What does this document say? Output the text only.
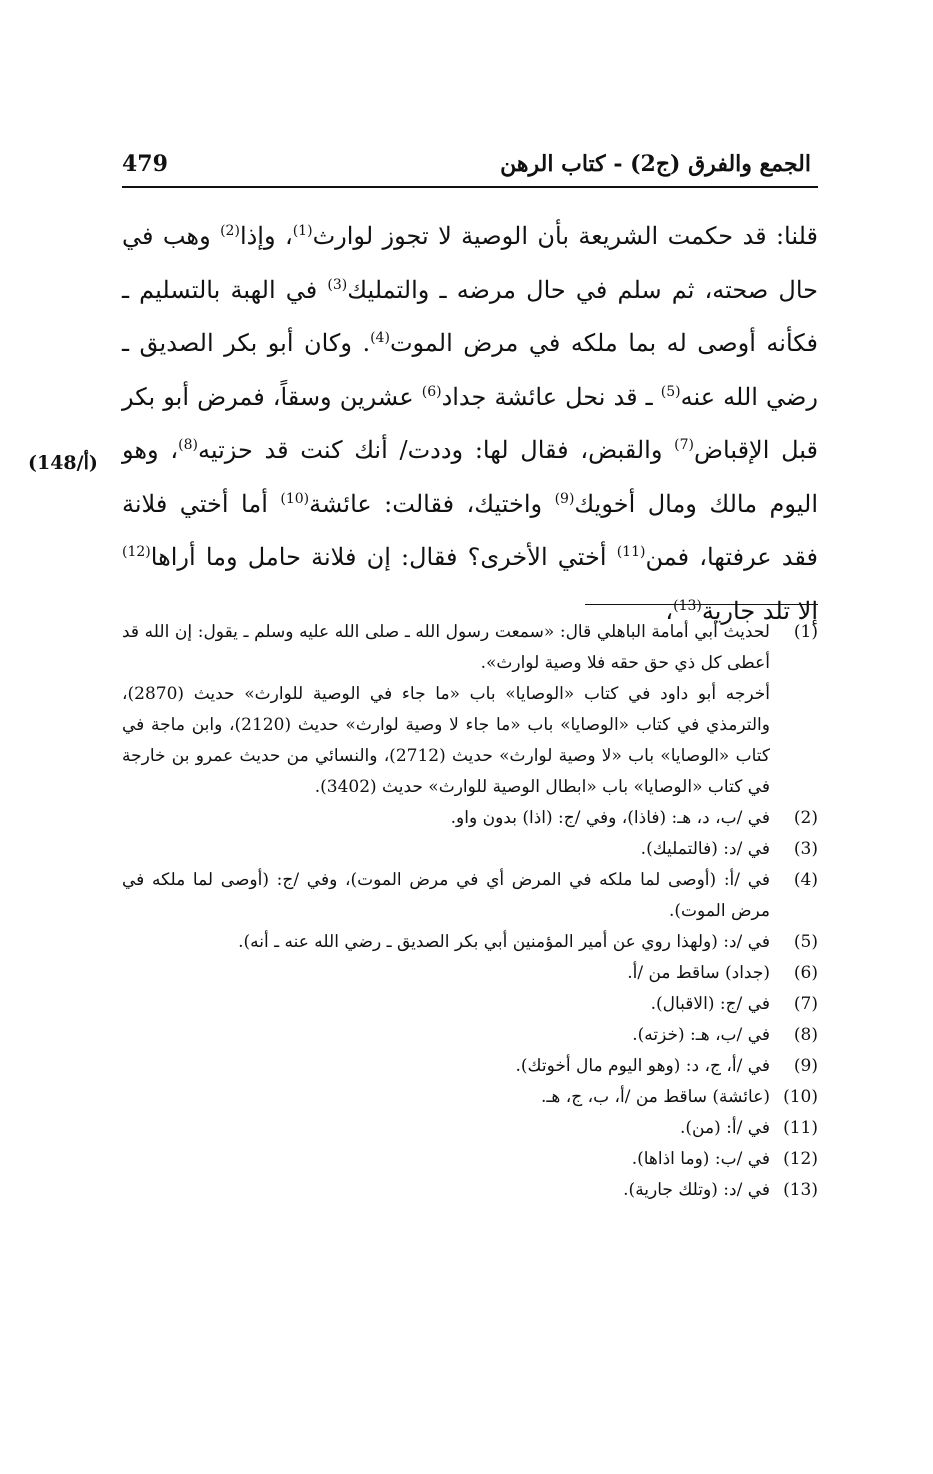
الجمع والفرق (ج2) - كتاب الرهن
479

قلنا: قد حكمت الشريعة بأن الوصية لا تجوز لوارث$^{(1)}$، وإذا$^{(2)}$ وهب في حال صحته، ثم سلم في حال مرضه ـ والتمليك$^{(3)}$ في الهبة بالتسليم ـ فكأنه أوصى له بما ملكه في مرض الموت$^{(4)}$. وكان أبو بكر الصديق ـ رضي الله عنه$^{(5)}$ ـ قد نحل عائشة جداد$^{(6)}$ عشرين وسقاً، فمرض أبو بكر قبل الإقباض$^{(7)}$ والقبض، فقال لها: وددت/ أنك كنت قد حزتيه$^{(8)}$، وهو اليوم مالك ومال أخويك$^{(9)}$ واختيك، فقالت: عائشة$^{(10)}$ أما أختي فلانة فقد عرفتها، فمن$^{(11)}$ أختي الأخرى؟ فقال: إن فلانة حامل وما أراها$^{(12)}$ إلا تلد جارية$^{(13)}$،

(148/أ)
(1)

لحديث أبي أمامة الباهلي قال: «سمعت رسول الله ـ صلى الله عليه وسلم ـ يقول: إن الله قد أعطى كل ذي حق حقه فلا وصية لوارث».

أخرجه أبو داود في كتاب «الوصايا» باب «ما جاء في الوصية للوارث» حديث (2870)، والترمذي في كتاب «الوصايا» باب «ما جاء لا وصية لوارث» حديث (2120)، وابن ماجة في كتاب «الوصايا» باب «لا وصية لوارث» حديث (2712)، والنسائي من حديث عمرو بن خارجة في كتاب «الوصايا» باب «ابطال الوصية للوارث» حديث (3402).

(2)

في /ب، د، هـ: (فاذا)، وفي /ج: (اذا) بدون واو.

(3)

في /د: (فالتمليك).

(4)

في /أ: (أوصى لما ملكه في المرض أي في مرض الموت)، وفي /ج: (أوصى لما ملكه في مرض الموت).

(5)

في /د: (ولهذا روي عن أمير المؤمنين أبي بكر الصديق ـ رضي الله عنه ـ أنه).

(6)

(جداد) ساقط من /أ.

(7)

في /ج: (الاقبال).

(8)

في /ب، هـ: (خزته).

(9)

في /أ، ج، د: (وهو اليوم مال أخوتك).

(10)

(عائشة) ساقط من /أ، ب، ج، هـ.

(11)

في /أ: (من).

(12)

في /ب: (وما اذاها).

(13)

في /د: (وتلك جارية).
